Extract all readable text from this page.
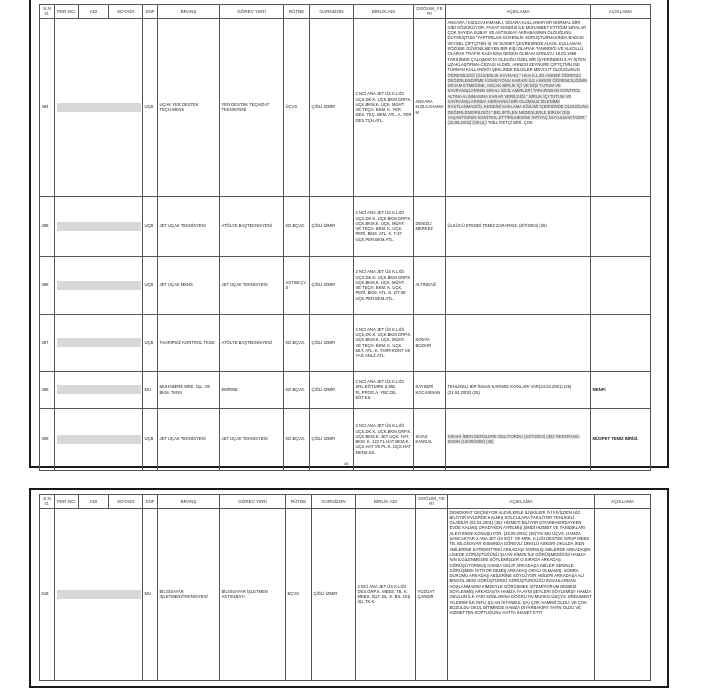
S.NO.	PER.NO.	ADI	SOYADI	SNF	BRANŞ	GÖREV YERİ	RÜTBE	GARNİZON	BİRLİK ADI	DOĞUM_YERİ	AÇIKLAMA	AÇIKLAMA
494				UÇB	UÇAK YER DESTEK TEÇH.MKNS	YER DESTEK TEÇHİZAT TEKNİSYENİ	ÜÇVS	ÇİĞLİ-İZMİR	2 NCİ ANA JET ÜS K.LIĞI UÇS.DK.K. UÇK.BKM.GRP.K. UÇK.BKM.K. UÇK. MÜHT. VE TEÇH. BKM. K. YER DES. TEÇ. BKM. ATL. A. YER DES.TÇH.ATL.	ANKARA KIZILCAHAMAM	ANKARA / KIZILCAHAMAMLI, SİGARA KULLANMIYOR NORMAL BİRİ GİBİ GÖZÜKÜYOR. FAKAT KENDİSİ İLE MUHABBET ETTİĞİM SIRALAR ÇOK SAYIDA SUBAY VE ASTSUBAY AKRABASININ OLDUĞUNU DUYMUŞTUM."YAPTIRILAN GÜVENLİK SORUŞTURMASINDA BABASI VEYSEL ÇİFTÇİ'NİN İŞ VE İKAMET ÇEVRESİNDE ALKOL KULLANAN, SÖZÜNE GÜVENİLMEYEN BİR KİŞİ OLARAK TANINDIĞI VE ALKOLLÜ OLARAK TRAFİK KAZASINA NEDEN OLMASI SONUCU 18.03.1998 TARİHİNDE ÇALIŞMAKTA OLDUĞU ÖZEL BİR İŞYERİNDEN 3 AY İŞTEN UZAKLAŞTIRMA CEZASI ALDIĞI, ANNESİ ZEYNURE ÇİFTÇİ'NİN İSE TÜRBAN KULLANDIĞI ŞEKLİNDE BİLGİLER MEVCUT OLDUĞUNUN ÖĞRENİLDİĞİ (GÜVENLİK KAYNAK)." HV.K.K.LIĞI ASKERİ ÖĞRENCİ DEĞERLENDİRME KOMİSYONU KARARI İLE ASKERİ ÖĞRENCİLİĞİNİN DEVAM ETMESİNE, ANCAK BİRLİK İÇİ VE DIŞI TUTUM VE DAVRANIŞLARININ SIRALI SİCİL AMİRLERİ TARAFINDAN KONTROL ALTINA ALINMASINA KARAR VERİLDİĞİ." BİRLİK İÇİ TUTUM VE DAVRANIŞLARINDA HERHANGİ BİR OLUMSUZ İZLENİME RASTLANMADIĞI, KENDİNİ SAKLAMA EĞİLİMİ İÇERİSİNDE OLDUĞUNU DEĞERLENDİRİLDİĞİ." BELİRTİLEN NEDENLERLE BİRLİK DIŞI YAŞANTISININ KONTROL ETTİRİLMESİNE İHTİYAÇ DUYULMAKTADIR." (18.06.2002) (OKUL) "MİLLİYETÇİ BİRİ. ÇOK	
495				UÇB	JET UÇAK TEKNİSYENİ	ATÖLYE BAŞTEKNİSYENİ	KD.BÇVS.	ÇİĞLİ-İZMİR	2 NCİ ANA JET ÜS K.LIĞI UÇS.DK.K. UÇK.BKM.GRP.K. UÇK.BKM.K. UÇK. MÜHT. VE TEÇH. BKM. K. UÇK. PERİ. BKM. ATL. K. T-37 UÇK.PER.BKM.ATL.	DENİZLİ MERKEZ	ÜLKÜCÜ EFENDİ TEMİZ ZARARSIZ. (8/7/2004) (26)	
496				UÇB	JET UÇAK MKNS	JET UÇAK TEKNİSYENİ	ASTSB.ÇVS	ÇİĞLİ-İZMİR	2 NCİ ANA JET ÜS K.LIĞI UÇS.DK.K. UÇK.BKM.GRP.K. UÇK.BKM.K. UÇK. MÜHT. VE TEÇH. BKM. K. UÇK. PERİ. BKM. ATL. K. 2/T-38 UÇK.PER.BKM.ATL.	ALTINDAĞ		
497				UÇB	TAHRİPSİZ KONTROL TKNS	ATÖLYE BAŞTEKNİSYENİ	KD.BÇVS.	ÇİĞLİ-İZMİR	2 NCİ ANA JET ÜS K.LIĞI UÇS.DK.K. UÇK.BKM.GRP.K. UÇK.BKM.K. UÇK. MÜHT. VE TEÇH. BKM. K. UÇK. MLT. ATL. K. THRP.KONT VE YAĞ ANLZ.ATL.	KONYA BOZKIR		
498				MU	MUHABERE MRK. İŞL. VE BKM. TKNS	EMİRNE	KD.BÇVS.	ÇİĞLİ-İZMİR	2 NCİ ANA JET ÜS K.LIĞI SRL.EĞT.MRK.Ş.MD. PL.PROG.A. YBC.DİL EĞT.KS.	KAYSERİ KOCASİNAN	TEHLİKELİ BİR İNSAN KARIMIZ AYAKLARI VAR(24.03.2001) (25) (21.04.2002) (25)	MENFİ
499				UÇB	JET UÇAK TEKNİSYENİ	JET UÇAK TEKNİSYENİ	KD.BÇVS.	ÇİĞLİ-İZMİR	2 NCİ ANA JET ÜS K.LIĞI UÇS.DK.K. UÇK.BKM.GRP.K. UÇK.BKM.K. JET UÇK. HAT. BKM. K. 122 FL.HAT BKM.K. UÇS.HAT VE PL.K. UÇS.HAT MKNS.KS.	SİVAS KANGAL	NİKAHI İMEN DERSLERE GELİYORDU (10/7/2004) (35)' REFERANS: EMON (10/09/2008) (35)	MÜSPET TEMİZ BİRİSİ.
45
S.NO.	PER.NO.	ADI	SOYADI	SNF	BRANŞ	GÖREV YERİ	RÜTBE	GARNİZON	BİRLİK ADI	DOĞUM_YERİ	AÇIKLAMA	AÇIKLAMA
619				MU	BİLGİSAYAR İŞLETMENİ/TEKNİSYENİ	BİLGİSAYAR İŞLETMEN ASTSUBAYI	BÇVS	ÇİĞLİ-İZMİR	2 NCİ ANA JET ÜS K.LIĞI DES.GRP.K. MEBS. TB. K. MEBS. İŞLT. BL. K. BİL. DIŞ İŞL.TK.K.	YOZGAT ÇANDIR	DEMOKRAT GEÇİNİYOR ALEVİLERLE İLİŞKİLERİ İYİ SİVİLDEN HİZ. BİLİYOR EVLERDE KALMIŞ SOLCULARA TAKILIYOR TEHLİKELİ OLABİLİR (04.03.2001) (35)' HİZMETİ BİLİYOR DİYARBAKIRDAYKEN EVDE KALMIŞ ORADYKEN AYRILMIŞ ŞİMDİ HİZMET VE TANIDIKLARI ALEYHİNDE KONUŞUYOR. (26.09.2001) (35)"HV MU ÜÇVS. HAMZA SANCAKTAR 2 ANA JET ÜS EĞT. VE MRK. K.LIĞI DESTEK GRUP MEBS TB. BİLGİSAYAR KISMINDA GÖREVLİ 1994'LÜ ASKERİ OKULDA İKEN ABİLERİNE SATİKENTTEKİ ARKADAŞI SORMUŞ ABİLERDE ARKADAŞIN LİSEDE GÖRÜŞTÜĞÜNÜ ŞU AN KİMSE İLE GÖRÜŞMEDİĞİNİ HAMZA NIN İLGİLENMESİNİ SÖYLEMİŞLER O SIRADA ARKADAŞ GÖRÜŞÜYORMUŞ HAMZA GELİP ARKADAŞA ABİLER SENİNLE GÖRÜŞMEK İSTİYOR DEMİŞ ARKADAŞ ORALI OLMAMIŞ. SONRA DURUMU ARKADAŞ ABİLERİNE SÖYLÜYOR ABİLERİ ARKADAŞA ALİ BİNGÖL BENİ GÖRÜŞTÜRDÜ GÖRÜŞTÜRDÜĞÜ İNSANLARDAN HOŞLANMADIM KİMSEYLE GÖRÜŞMEK İSTEMİYORUM DEMESİ SÖYLENMİŞ ARKADAŞTA HAMZA YA AYNI ŞEYLERİ SÖYLEMİŞ!! HAMZA OKULUN İLK YARI SONLARINA DOĞRU HV.MUHKO.ÜSÇVS. ERDUMENT YILDIRIM İLE İNFLİ ŞU AN İSTANBUL DA) ÇOK SAMİMİ OLDU, VE ÇOK BOZULDU OKUL BİTİMİNDE HAMZA DİYARBAKIRA TAYİN OLDU VE HİZMETTEN KOPTUĞUNU HATTA İHANET ETTİ	
